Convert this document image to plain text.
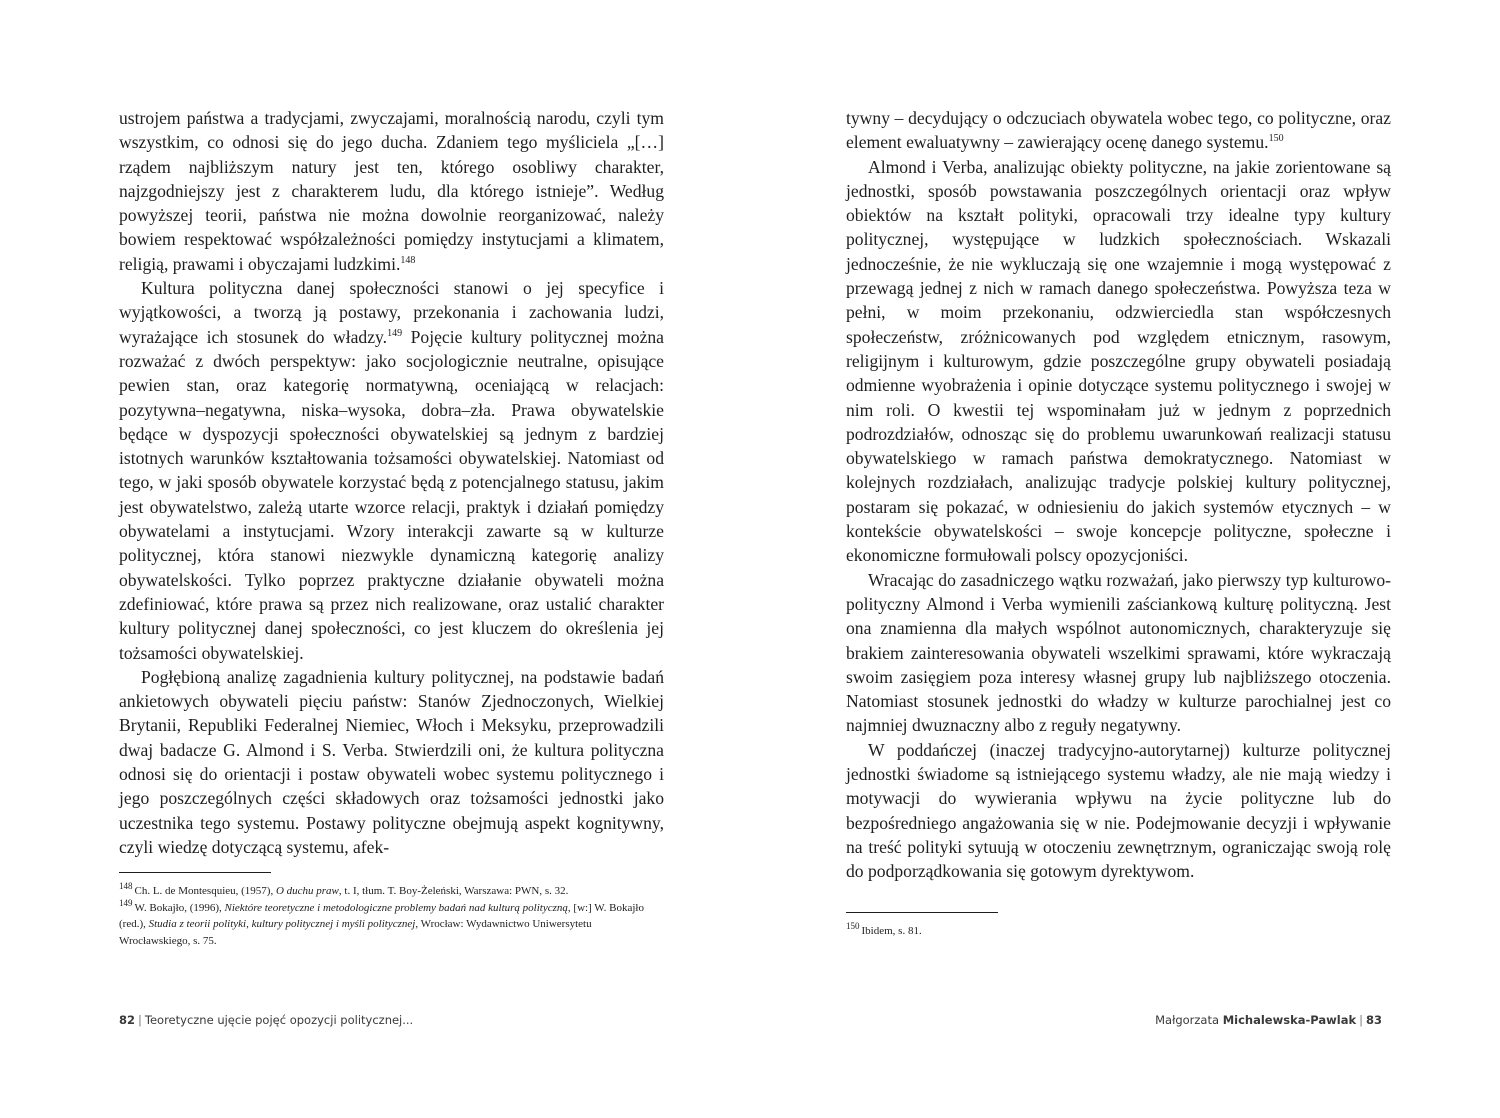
ustrojem państwa a tradycjami, zwyczajami, moralnością narodu, czyli tym wszystkim, co odnosi się do jego ducha. Zdaniem tego myśliciela „[…] rządem najbliższym natury jest ten, którego osobliwy charakter, najzgodniejszy jest z charakterem ludu, dla którego istnieje”. Według powyższej teorii, państwa nie można dowolnie reorganizować, należy bowiem respektować współzależności pomiędzy instytucjami a klimatem, religią, prawami i obyczajami ludzkimi.$^{148}$

Kultura polityczna danej społeczności stanowi o jej specyfice i wyjątkowości, a tworzą ją postawy, przekonania i zachowania ludzi, wyrażające ich stosunek do władzy.$^{149}$ Pojęcie kultury politycznej można rozważać z dwóch perspektyw: jako socjologicznie neutralne, opisujące pewien stan, oraz kategorię normatywną, oceniającą w relacjach: pozytywna–negatywna, niska–wysoka, dobra–zła. Prawa obywatelskie będące w dyspozycji społeczności obywatelskiej są jednym z bardziej istotnych warunków kształtowania tożsamości obywatelskiej. Natomiast od tego, w jaki sposób obywatele korzystać będą z potencjalnego statusu, jakim jest obywatelstwo, zależą utarte wzorce relacji, praktyk i działań pomiędzy obywatelami a instytucjami. Wzory interakcji zawarte są w kulturze politycznej, która stanowi niezwykle dynamiczną kategorię analizy obywatelskości. Tylko poprzez praktyczne działanie obywateli można zdefiniować, które prawa są przez nich realizowane, oraz ustalić charakter kultury politycznej danej społeczności, co jest kluczem do określenia jej tożsamości obywatelskiej.

Pogłębioną analizę zagadnienia kultury politycznej, na podstawie badań ankietowych obywateli pięciu państw: Stanów Zjednoczonych, Wielkiej Brytanii, Republiki Federalnej Niemiec, Włoch i Meksyku, przeprowadzili dwaj badacze G. Almond i S. Verba. Stwierdzili oni, że kultura polityczna odnosi się do orientacji i postaw obywateli wobec systemu politycznego i jego poszczególnych części składowych oraz tożsamości jednostki jako uczestnika tego systemu. Postawy polityczne obejmują aspekt kognitywny, czyli wiedzę dotyczącą systemu, afek-

$^{148}$ Ch. L. de Montesquieu, (1957), O duchu praw, t. I, tłum. T. Boy-Żeleński, Warszawa: PWN, s. 32.

$^{149}$ W. Bokajło, (1996), Niektóre teoretyczne i metodologiczne problemy badań nad kulturą polityczną, [w:] W. Bokajło (red.), Studia z teorii polityki, kultury politycznej i myśli politycznej, Wrocław: Wydawnictwo Uniwersytetu Wrocławskiego, s. 75.

82 | Teoretyczne ujęcie pojęć opozycji politycznej...

tywny – decydujący o odczuciach obywatela wobec tego, co polityczne, oraz element ewaluatywny – zawierający ocenę danego systemu.$^{150}$

Almond i Verba, analizując obiekty polityczne, na jakie zorientowane są jednostki, sposób powstawania poszczególnych orientacji oraz wpływ obiektów na kształt polityki, opracowali trzy idealne typy kultury politycznej, występujące w ludzkich społecznościach. Wskazali jednocześnie, że nie wykluczają się one wzajemnie i mogą występować z przewagą jednej z nich w ramach danego społeczeństwa. Powyższa teza w pełni, w moim przekonaniu, odzwierciedla stan współczesnych społeczeństw, zróżnicowanych pod względem etnicznym, rasowym, religijnym i kulturowym, gdzie poszczególne grupy obywateli posiadają odmienne wyobrażenia i opinie dotyczące systemu politycznego i swojej w nim roli. O kwestii tej wspominałam już w jednym z poprzednich podrozdziałów, odnosząc się do problemu uwarunkowań realizacji statusu obywatelskiego w ramach państwa demokratycznego. Natomiast w kolejnych rozdziałach, analizując tradycje polskiej kultury politycznej, postaram się pokazać, w odniesieniu do jakich systemów etycznych – w kontekście obywatelskości – swoje koncepcje polityczne, społeczne i ekonomiczne formułowali polscy opozycjoniści.

Wracając do zasadniczego wątku rozważań, jako pierwszy typ kulturowo-polityczny Almond i Verba wymienili zaściankową kulturę polityczną. Jest ona znamienna dla małych wspólnot autonomicznych, charakteryzuje się brakiem zainteresowania obywateli wszelkimi sprawami, które wykraczają swoim zasięgiem poza interesy własnej grupy lub najbliższego otoczenia. Natomiast stosunek jednostki do władzy w kulturze parochialnej jest co najmniej dwuznaczny albo z reguły negatywny.

W poddańczej (inaczej tradycyjno-autorytarnej) kulturze politycznej jednostki świadome są istniejącego systemu władzy, ale nie mają wiedzy i motywacji do wywierania wpływu na życie polityczne lub do bezpośredniego angażowania się w nie. Podejmowanie decyzji i wpływanie na treść polityki sytuują w otoczeniu zewnętrznym, ograniczając swoją rolę do podporządkowania się gotowym dyrektywom.

$^{150}$ Ibidem, s. 81.

Małgorzata Michalewska-Pawlak | 83
